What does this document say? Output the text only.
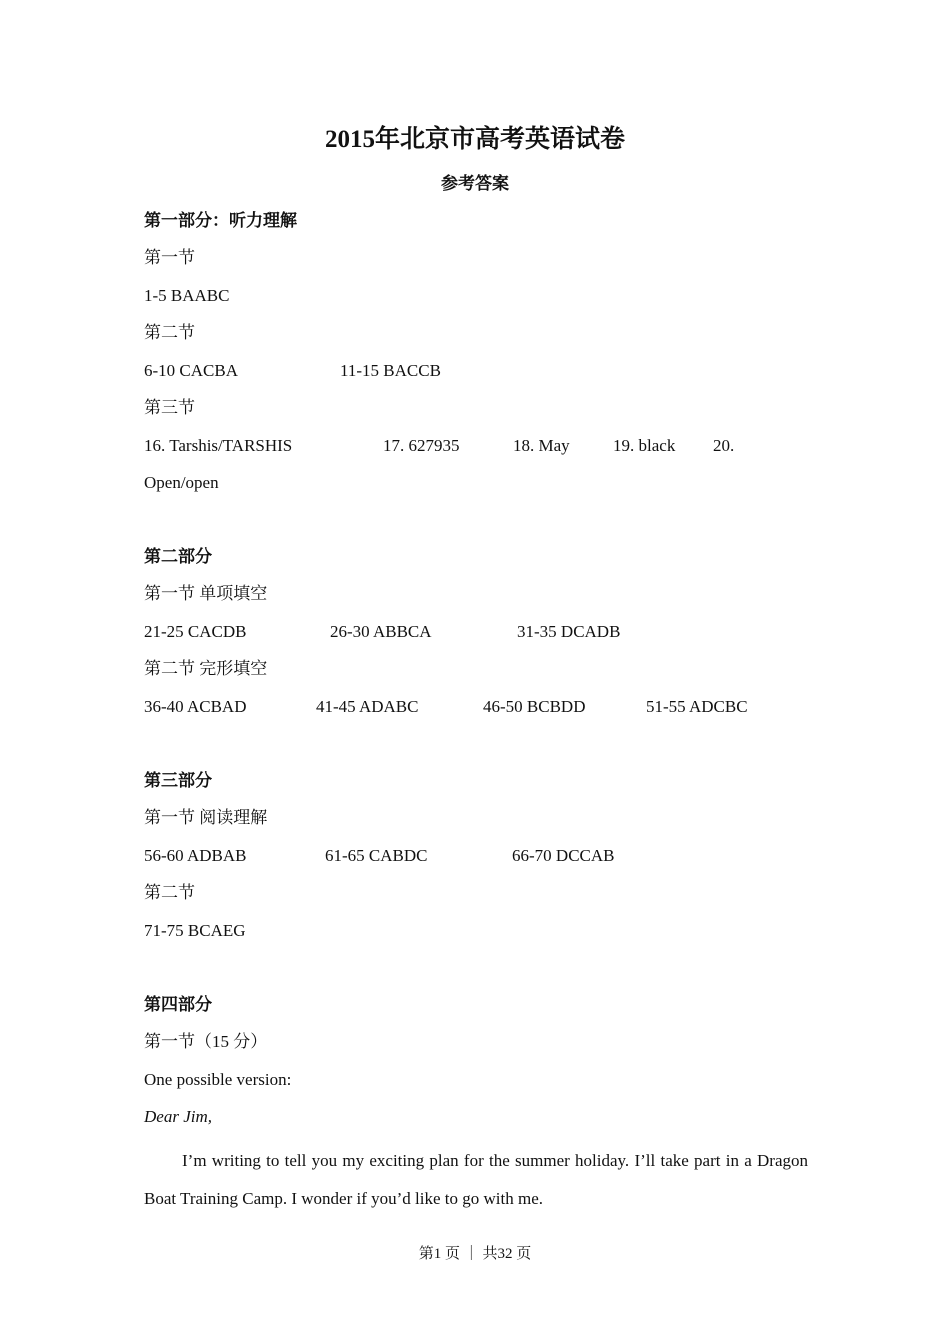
2015年北京市高考英语试卷
参考答案
第一部分：听力理解
第一节
1-5 BAABC
第二节
6-10 CACBA	11-15 BACCB
第三节
16. Tarshis/TARSHIS	17. 627935	18. May	19. black 20.
Open/open
第二部分
第一节 单项填空
21-25 CACDB	26-30 ABBCA	31-35 DCADB
第二节 完形填空
36-40 ACBAD	41-45 ADABC	46-50 BCBDD	51-55 ADCBC
第三部分
第一节 阅读理解
56-60 ADBAB	61-65 CABDC	66-70 DCCAB
第二节
71-75 BCAEG
第四部分
第一节（15 分）
One possible version:
Dear Jim,
I’m writing to tell you my exciting plan for the summer holiday. I’ll take part in a Dragon Boat Training Camp. I wonder if you’d like to go with me.
第1 页 ｜ 共32 页
